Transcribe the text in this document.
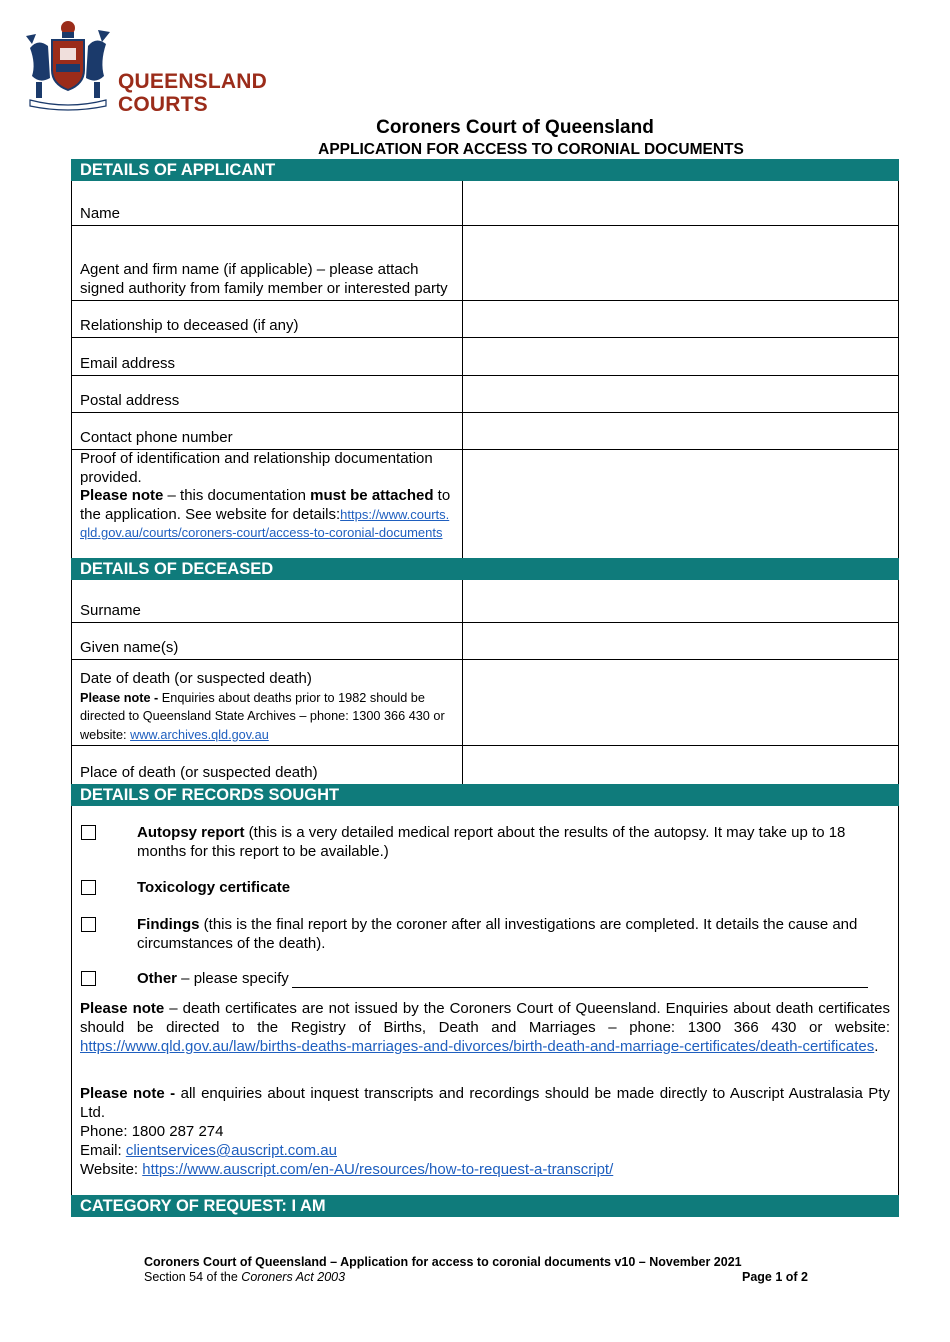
QUEENSLAND
COURTS
Coroners Court of Queensland
APPLICATION FOR ACCESS TO CORONIAL DOCUMENTS
DETAILS OF APPLICANT
Name
Agent and firm name (if applicable) – please attach signed authority from family member or interested party
Relationship to deceased (if any)
Email address
Postal address
Contact phone number
Proof of identification and relationship documentation provided.
Please note – this documentation must be attached to the application. See website for details:https://www.courts.qld.gov.au/courts/coroners-court/access-to-coronial-documents
DETAILS OF DECEASED
Surname
Given name(s)
Date of death (or suspected death)
Please note - Enquiries about deaths prior to 1982 should be directed to Queensland State Archives – phone: 1300 366 430 or website: www.archives.qld.gov.au
Place of death (or suspected death)
DETAILS OF RECORDS SOUGHT
Autopsy report (this is a very detailed medical report about the results of the autopsy. It may take up to 18 months for this report to be available.)
Toxicology certificate
Findings (this is the final report by the coroner after all investigations are completed. It details the cause and circumstances of the death).
Other – please specify
Please note – death certificates are not issued by the Coroners Court of Queensland. Enquiries about death certificates should be directed to the Registry of Births, Death and Marriages – phone: 1300 366 430 or website: https://www.qld.gov.au/law/births-deaths-marriages-and-divorces/birth-death-and-marriage-certificates/death-certificates.
Please note - all enquiries about inquest transcripts and recordings should be made directly to Auscript Australasia Pty Ltd.
Phone: 1800 287 274
Email: clientservices@auscript.com.au
Website: https://www.auscript.com/en-AU/resources/how-to-request-a-transcript/
CATEGORY OF REQUEST: I AM
Coroners Court of Queensland – Application for access to coronial documents v10 – November 2021
Section 54 of the Coroners Act 2003	Page 1 of 2
